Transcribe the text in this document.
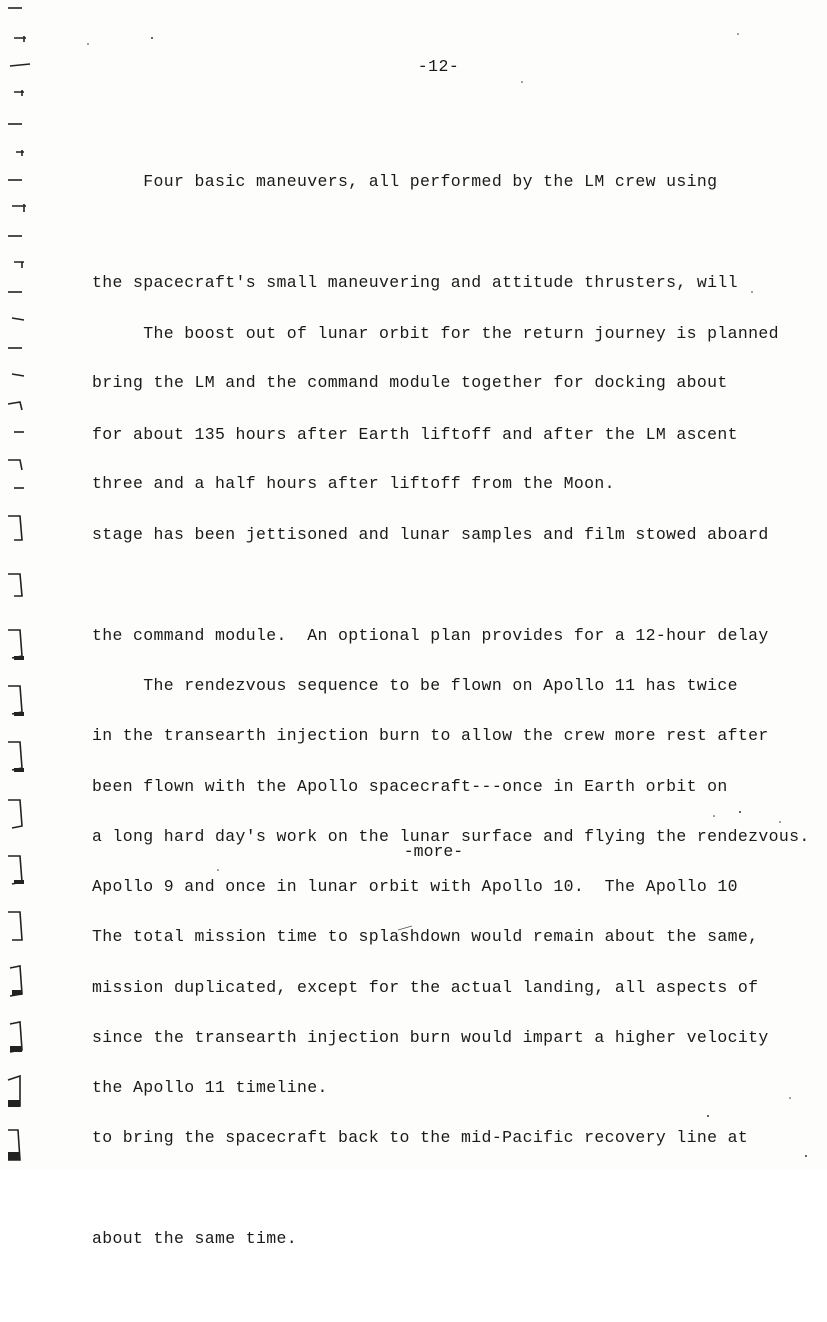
-12-

Four basic maneuvers, all performed by the LM crew using

the spacecraft's small maneuvering and attitude thrusters, will

bring the LM and the command module together for docking about

three and a half hours after liftoff from the Moon.

The boost out of lunar orbit for the return journey is planned

for about 135 hours after Earth liftoff and after the LM ascent

stage has been jettisoned and lunar samples and film stowed aboard

the command module.  An optional plan provides for a 12-hour delay

in the transearth injection burn to allow the crew more rest after

a long hard day's work on the lunar surface and flying the rendezvous.

The total mission time to splashdown would remain about the same,

since the transearth injection burn would impart a higher velocity

to bring the spacecraft back to the mid-Pacific recovery line at

about the same time.

The rendezvous sequence to be flown on Apollo 11 has twice

been flown with the Apollo spacecraft---once in Earth orbit on

Apollo 9 and once in lunar orbit with Apollo 10.  The Apollo 10

mission duplicated, except for the actual landing, all aspects of

the Apollo 11 timeline.

-more-
